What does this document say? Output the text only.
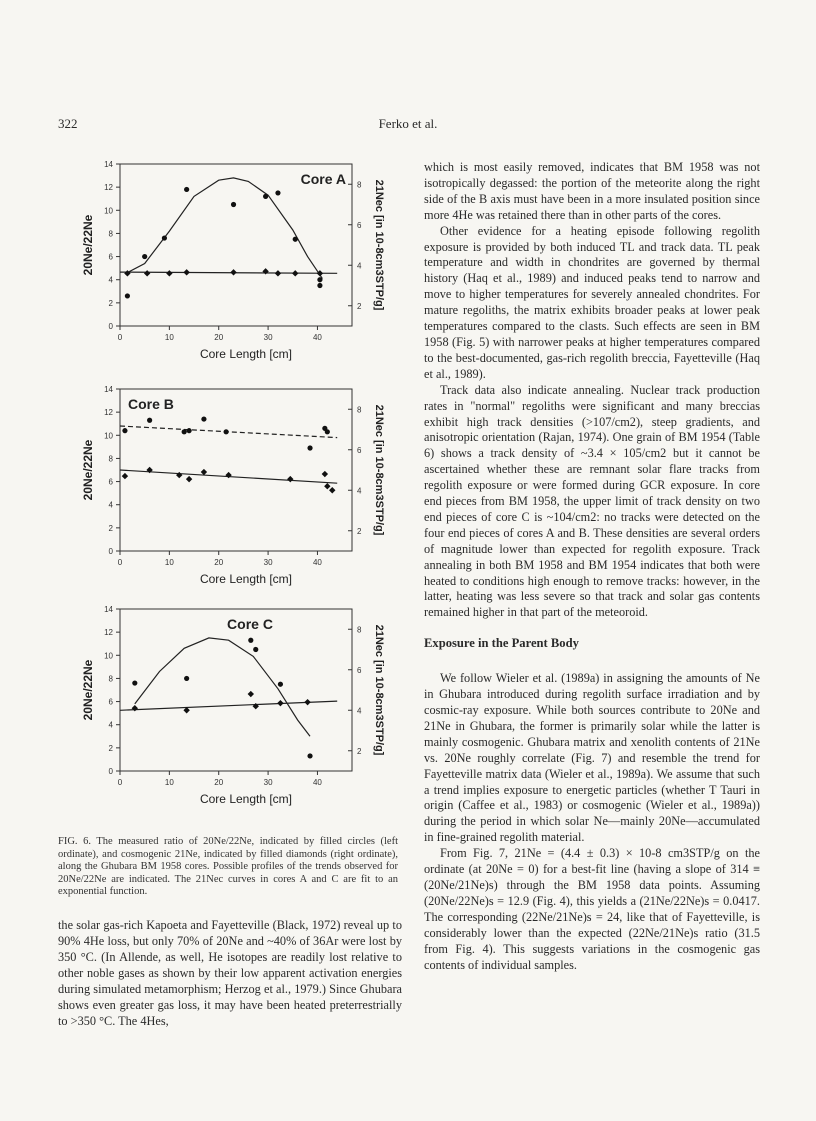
322	Ferko et al.
0	10	20	30	40
0
2
4
6
8
10
12
14
2
4
6
8
Core A
Core Length [cm]
20Ne/22Ne	21Nec [in 10-8cm3STP/g]
0	10	20	30	40
0
2
4
6
8
10
12
14
2
4
6
8
Core B
Core Length [cm]
20Ne/22Ne	21Nec [in 10-8cm3STP/g]
0	10	20	30	40
0
2
4
6
8
10
12
14
2
4
6
8
Core C
Core Length [cm]
20Ne/22Ne	21Nec [in 10-8cm3STP/g]
FIG. 6. The measured ratio of 20Ne/22Ne, indicated by filled circles (left ordinate), and cosmogenic 21Ne, indicated by filled diamonds (right ordinate), along the Ghubara BM 1958 cores. Possible profiles of the trends observed for 20Ne/22Ne are indicated. The 21Nec curves in cores A and C are fit to an exponential function.

the solar gas-rich Kapoeta and Fayetteville (Black, 1972) reveal up to 90% 4He loss, but only 70% of 20Ne and ~40% of 36Ar were lost by 350 °C. (In Allende, as well, He isotopes are readily lost relative to other noble gases as shown by their low apparent activation energies during simulated metamorphism; Herzog et al., 1979.) Since Ghubara shows even greater gas loss, it may have been heated preterrestrially to >350 °C. The 4Hes,

which is most easily removed, indicates that BM 1958 was not isotropically degassed: the portion of the meteorite along the right side of the B axis must have been in a more insulated position since more 4He was retained there than in other parts of the cores.

Other evidence for a heating episode following regolith exposure is provided by both induced TL and track data. TL peak temperature and width in chondrites are governed by thermal history (Haq et al., 1989) and induced peaks tend to narrow and move to higher temperatures for severely annealed chondrites. For mature regoliths, the matrix exhibits broader peaks at lower peak temperatures compared to the clasts. Such effects are seen in BM 1958 (Fig. 5) with narrower peaks at higher temperatures compared to the best-documented, gas-rich regolith breccia, Fayetteville (Haq et al., 1989).

Track data also indicate annealing. Nuclear track production rates in "normal" regoliths were significant and many breccias exhibit high track densities (>107/cm2), steep gradients, and anisotropic orientation (Rajan, 1974). One grain of BM 1954 (Table 6) shows a track density of ~3.4 × 105/cm2 but it cannot be ascertained whether these are remnant solar flare tracks from regolith exposure or were formed during GCR exposure. In core end pieces from BM 1958, the upper limit of track density on two end pieces of core C is ~104/cm2: no tracks were detected on the four end pieces of cores A and B. These densities are several orders of magnitude lower than expected for regolith exposure. Track annealing in both BM 1958 and BM 1954 indicates that both were heated to conditions high enough to remove tracks: however, in the latter, heating was less severe so that track and solar gas contents remained higher in that part of the meteoroid.

Exposure in the Parent Body

We follow Wieler et al. (1989a) in assigning the amounts of Ne in Ghubara introduced during regolith surface irradiation and by cosmic-ray exposure. While both sources contribute to 20Ne and 21Ne in Ghubara, the former is primarily solar while the latter is mainly cosmogenic. Ghubara matrix and xenolith contents of 21Ne vs. 20Ne roughly correlate (Fig. 7) and resemble the trend for Fayetteville matrix data (Wieler et al., 1989a). We assume that such a trend implies exposure to energetic particles (whether T Tauri in origin (Caffee et al., 1983) or cosmogenic (Wieler et al., 1989a)) during the period in which solar Ne—mainly 20Ne—accumulated in fine-grained regolith material.

From Fig. 7, 21Ne = (4.4 ± 0.3) × 10-8 cm3STP/g on the ordinate (at 20Ne = 0) for a best-fit line (having a slope of 314 ≡ (20Ne/21Ne)s) through the BM 1958 data points. Assuming (20Ne/22Ne)s = 12.9 (Fig. 4), this yields a (21Ne/22Ne)s = 0.0417. The corresponding (22Ne/21Ne)s = 24, like that of Fayetteville, is considerably lower than the expected (22Ne/21Ne)s ratio (31.5 from Fig. 4). This suggests variations in the cosmogenic gas contents of individual samples.
